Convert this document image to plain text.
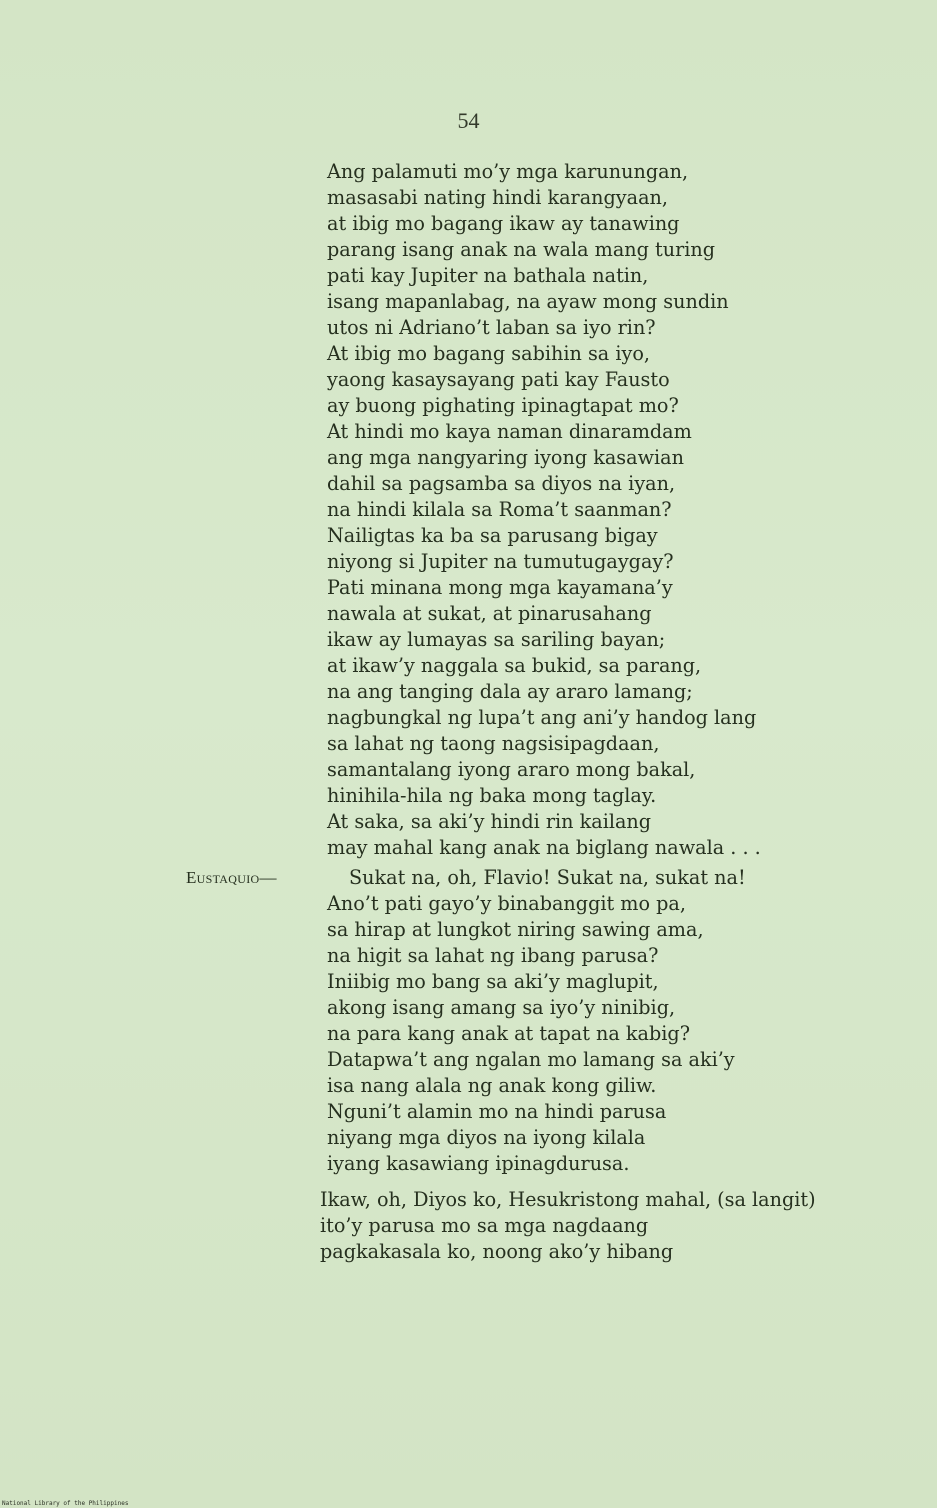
54
Ang palamuti mo’y mga karunungan,
masasabi nating hindi karangyaan,
at ibig mo bagang ikaw ay tanawing
parang isang anak na wala mang turing
pati kay Jupiter na bathala natin,
isang mapanlabag, na ayaw mong sundin
utos ni Adriano’t laban sa iyo rin?
At ibig mo bagang sabihin sa iyo,
yaong kasaysayang pati kay Fausto
ay buong pighating ipinagtapat mo?
At hindi mo kaya naman dinaramdam
ang mga nangyaring iyong kasawian
dahil sa pagsamba sa diyos na iyan,
na hindi kilala sa Roma’t saanman?
Nailigtas ka ba sa parusang bigay
niyong si Jupiter na tumutugaygay?
Pati minana mong mga kayamana’y
nawala at sukat, at pinarusahang
ikaw ay lumayas sa sariling bayan;
at ikaw’y naggala sa bukid, sa parang,
na ang tanging dala ay araro lamang;
nagbungkal ng lupa’t ang ani’y handog lang
sa lahat ng taong nagsisipagdaan,
samantalang iyong araro mong bakal,
hinihila-hila ng baka mong taglay.
At saka, sa aki’y hindi rin kailang
may mahal kang anak na biglang nawala . . .
Eustaquio—	Sukat na, oh, Flavio! Sukat na, sukat na!
Ano’t pati gayo’y binabanggit mo pa,
sa hirap at lungkot niring sawing ama,
na higit sa lahat ng ibang parusa?
Iniibig mo bang sa aki’y maglupit,
akong isang amang sa iyo’y ninibig,
na para kang anak at tapat na kabig?
Datapwa’t ang ngalan mo lamang sa aki’y
isa nang alala ng anak kong giliw.
Nguni’t alamin mo na hindi parusa
niyang mga diyos na iyong kilala
iyang kasawiang ipinagdurusa.
Ikaw, oh, Diyos ko, Hesukristong mahal, (sa langit)
ito’y parusa mo sa mga nagdaang
pagkakasala ko, noong ako’y hibang
National Library of the Philippines
